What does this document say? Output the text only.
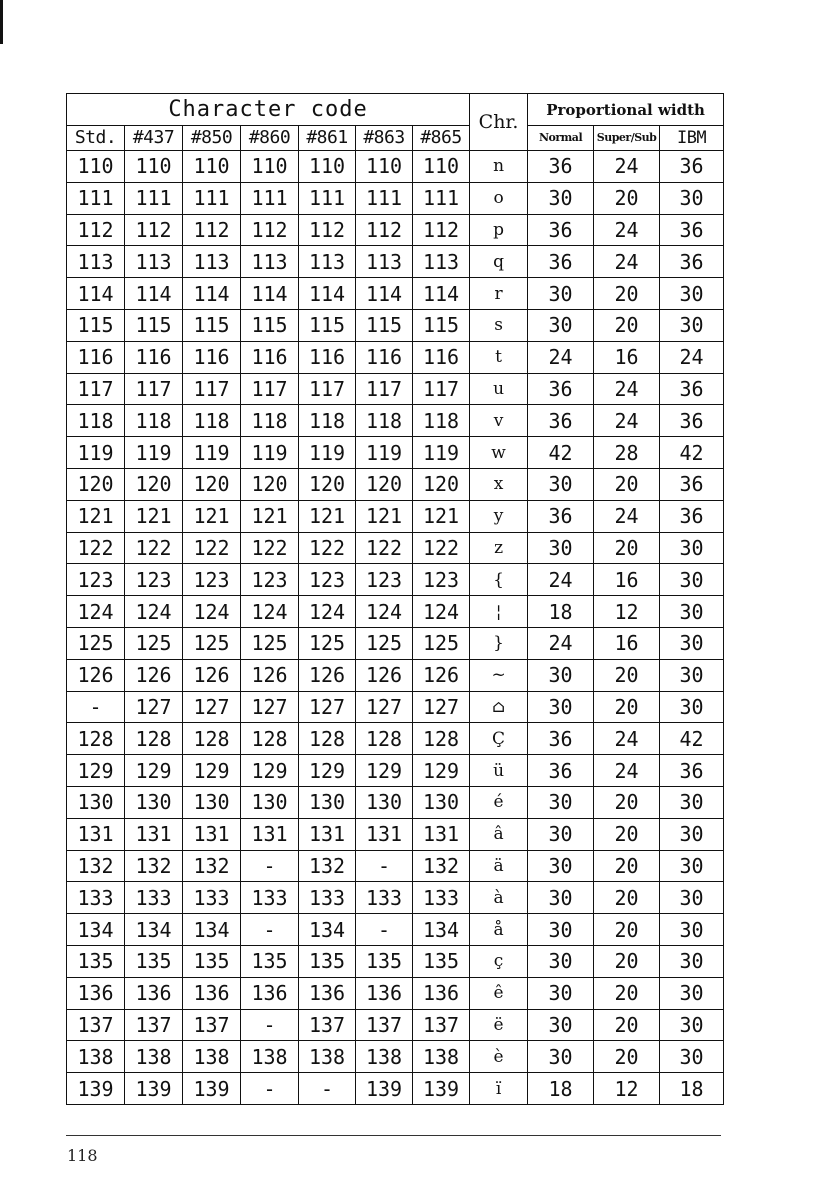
Character code							Chr.	Proportional width		
Std.	#437	#850	#860	#861	#863	#865		Normal	Super/Sub	IBM
110	110	110	110	110	110	110	n	36	24	36
111	111	111	111	111	111	111	o	30	20	30
112	112	112	112	112	112	112	p	36	24	36
113	113	113	113	113	113	113	q	36	24	36
114	114	114	114	114	114	114	r	30	20	30
115	115	115	115	115	115	115	s	30	20	30
116	116	116	116	116	116	116	t	24	16	24
117	117	117	117	117	117	117	u	36	24	36
118	118	118	118	118	118	118	v	36	24	36
119	119	119	119	119	119	119	w	42	28	42
120	120	120	120	120	120	120	x	30	20	36
121	121	121	121	121	121	121	y	36	24	36
122	122	122	122	122	122	122	z	30	20	30
123	123	123	123	123	123	123	{	24	16	30
124	124	124	124	124	124	124	¦	18	12	30
125	125	125	125	125	125	125	}	24	16	30
126	126	126	126	126	126	126	~	30	20	30
-	127	127	127	127	127	127	⌂	30	20	30
128	128	128	128	128	128	128	Ç	36	24	42
129	129	129	129	129	129	129	ü	36	24	36
130	130	130	130	130	130	130	é	30	20	30
131	131	131	131	131	131	131	â	30	20	30
132	132	132	-	132	-	132	ä	30	20	30
133	133	133	133	133	133	133	à	30	20	30
134	134	134	-	134	-	134	å	30	20	30
135	135	135	135	135	135	135	ç	30	20	30
136	136	136	136	136	136	136	ê	30	20	30
137	137	137	-	137	137	137	ë	30	20	30
138	138	138	138	138	138	138	è	30	20	30
139	139	139	-	-	139	139	ï	18	12	18
118
